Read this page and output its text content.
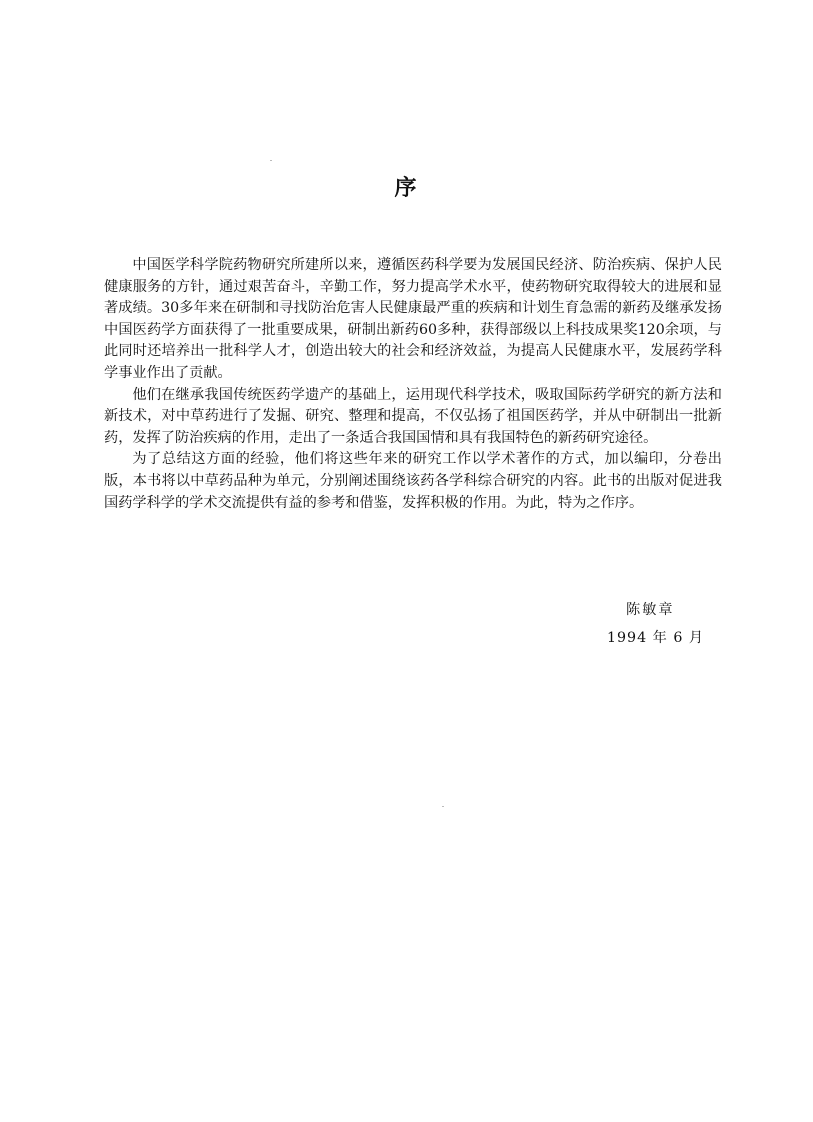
序

中国医学科学院药物研究所建所以来，遵循医药科学要为发展国民经济、防治疾病、保护人民健康服务的方针，通过艰苦奋斗，辛勤工作，努力提高学术水平，使药物研究取得较大的进展和显著成绩。30多年来在研制和寻找防治危害人民健康最严重的疾病和计划生育急需的新药及继承发扬中国医药学方面获得了一批重要成果，研制出新药60多种，获得部级以上科技成果奖120余项，与此同时还培养出一批科学人才，创造出较大的社会和经济效益，为提高人民健康水平，发展药学科学事业作出了贡献。

他们在继承我国传统医药学遗产的基础上，运用现代科学技术，吸取国际药学研究的新方法和新技术，对中草药进行了发掘、研究、整理和提高，不仅弘扬了祖国医药学，并从中研制出一批新药，发挥了防治疾病的作用，走出了一条适合我国国情和具有我国特色的新药研究途径。

为了总结这方面的经验，他们将这些年来的研究工作以学术著作的方式，加以编印，分卷出版，本书将以中草药品种为单元，分别阐述围绕该药各学科综合研究的内容。此书的出版对促进我国药学科学的学术交流提供有益的参考和借鉴，发挥积极的作用。为此，特为之作序。

陈敏章
1994 年 6 月
